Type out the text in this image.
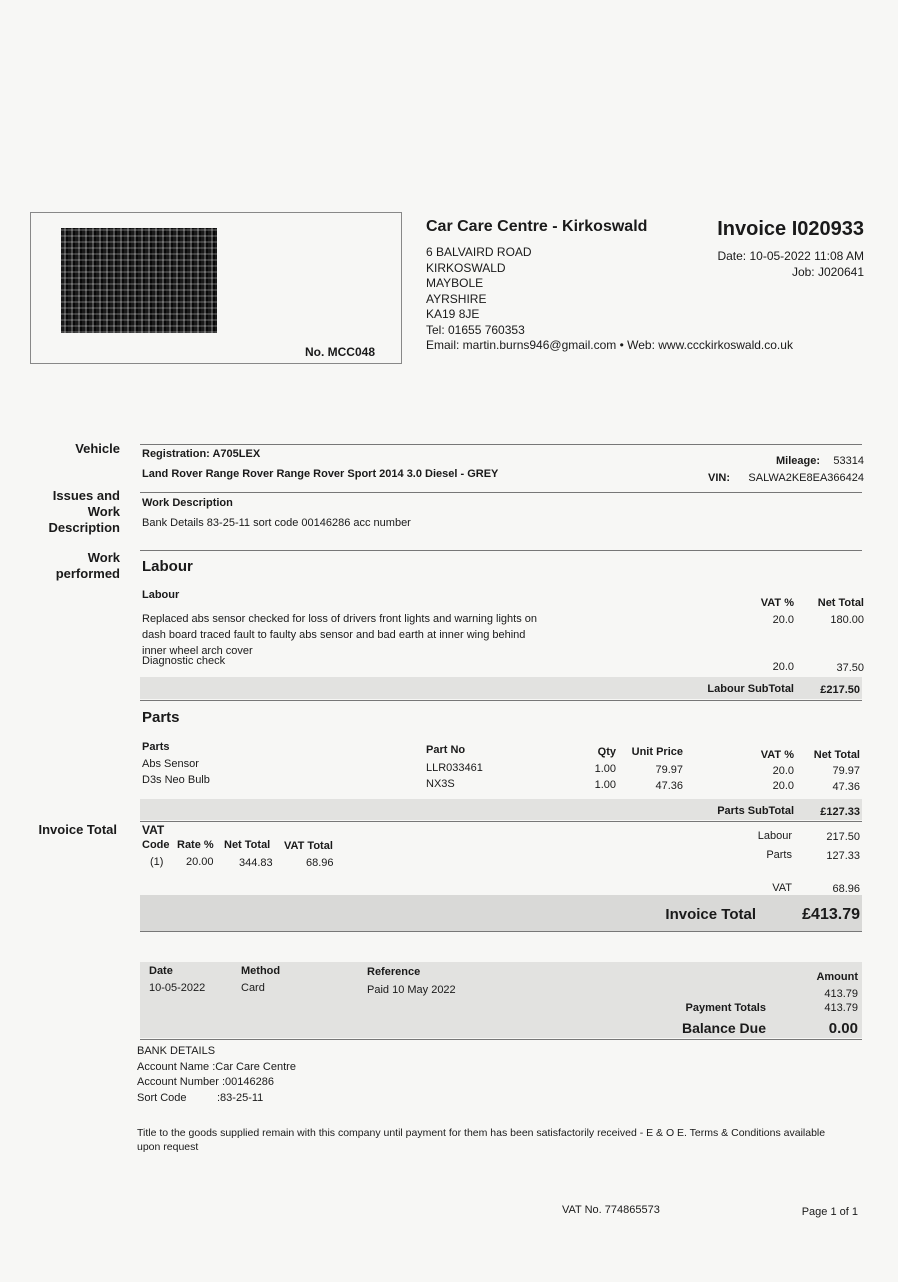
No. MCC048
Car Care Centre - Kirkoswald
6 BALVAIRD ROAD
KIRKOSWALD
MAYBOLE
AYRSHIRE
KA19 8JE
Tel: 01655 760353
Email: martin.burns946@gmail.com • Web: www.ccckirkoswald.co.uk
Invoice I020933
Date: 10-05-2022 11:08 AM
Job: J020641
Vehicle
Issues and Work
Description
Work performed
Invoice Total
Registration: A705LEX
Land Rover Range Rover Range Rover Sport 2014 3.0 Diesel - GREY
Mileage: 53314
VIN: SALWA2KE8EA366424
Work Description
Bank Details 83-25-11 sort code 00146286 acc number
Labour
Labour
VAT % Net Total
Replaced abs sensor checked for loss of drivers front lights and warning lights on
dash board traced fault to faulty abs sensor and bad earth at inner wing behind
inner wheel arch cover
20.0	180.00
Diagnostic check	20.0	37.50
Labour SubTotal £217.50
Parts
Parts	Part No	Qty Unit Price	VAT % Net Total
Abs Sensor	LLR033461	1.00	79.97	20.0	79.97
D3s Neo Bulb	NX3S	1.00	47.36	20.0	47.36
Parts SubTotal £127.33
VAT
Code Rate % Net Total VAT Total
(1) 20.00 344.83	68.96
Labour	217.50
Parts	127.33
VAT	68.96
Invoice Total	£413.79
Date	Method	Reference	Amount
10-05-2022	Card	Paid 10 May 2022	413.79
Payment Totals	413.79
Balance Due	0.00
BANK DETAILS
Account Name :Car Care Centre
Account Number :00146286
Sort Code	:83-25-11
Title to the goods supplied remain with this company until payment for them has been satisfactorily received - E & O E. Terms & Conditions available
upon request
VAT No. 774865573	Page 1 of 1
